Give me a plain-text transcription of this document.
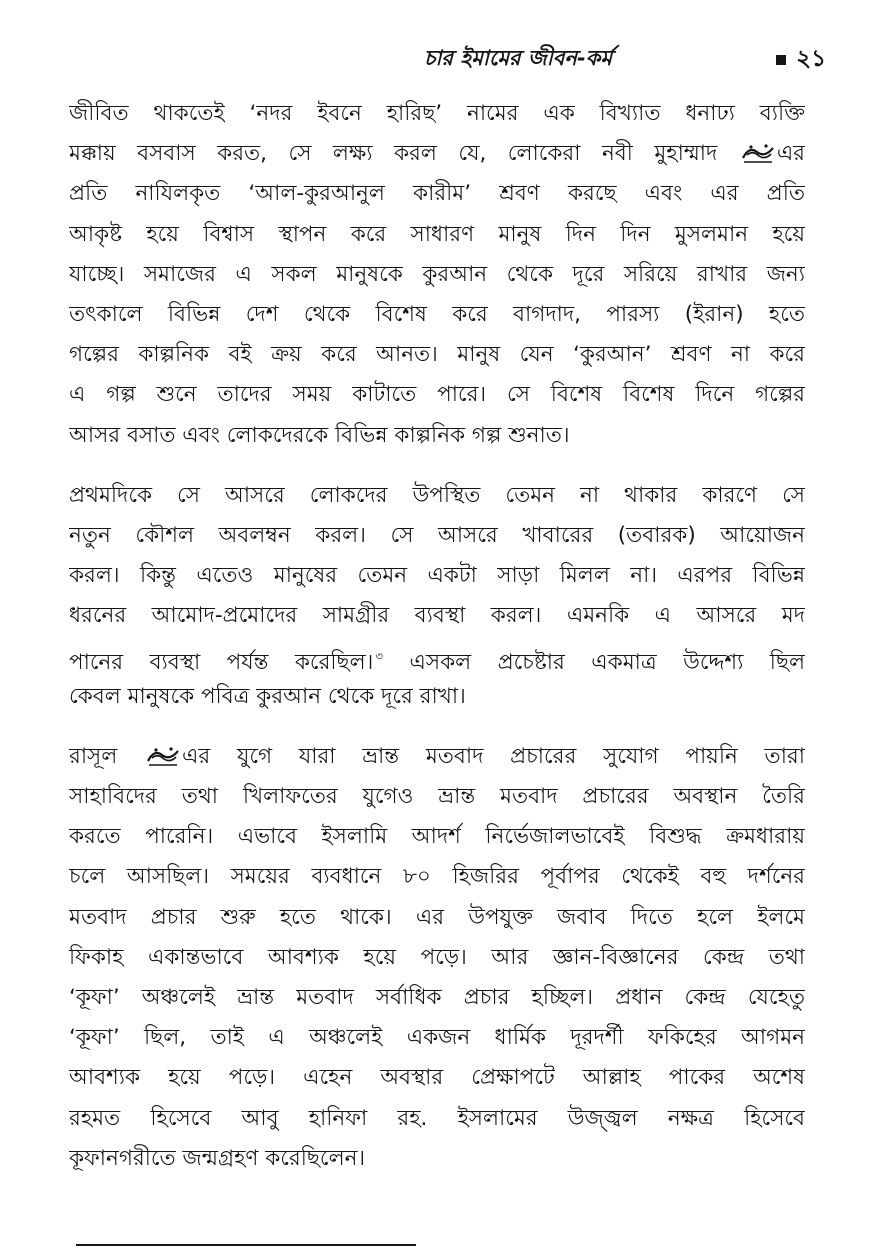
চার ইমামের জীবন-কর্ম	২১
জীবিত থাকতেই ‘নদর ইবনে হারিছ’ নামের এক বিখ্যাত ধনাঢ্য ব্যক্তি
মক্কায় বসবাস করত, সে লক্ষ্য করল যে, লোকেরা নবী মুহাম্মাদ	এর
প্রতি নাযিলকৃত ‘আল-কুরআনুল কারীম’ শ্রবণ করছে এবং এর প্রতি
আকৃষ্ট হয়ে বিশ্বাস স্থাপন করে সাধারণ মানুষ দিন দিন মুসলমান হয়ে
যাচ্ছে। সমাজের এ সকল মানুষকে কুরআন থেকে দূরে সরিয়ে রাখার জন্য
তৎকালে বিভিন্ন দেশ থেকে বিশেষ করে বাগদাদ, পারস্য (ইরান) হতে
গল্পের কাল্পনিক বই ক্রয় করে আনত। মানুষ যেন ‘কুরআন’ শ্রবণ না করে
এ গল্প শুনে তাদের সময় কাটাতে পারে। সে বিশেষ বিশেষ দিনে গল্পের
আসর বসাত এবং লোকদেরকে বিভিন্ন কাল্পনিক গল্প শুনাত।
প্রথমদিকে সে আসরে লোকদের উপস্থিত তেমন না থাকার কারণে সে
নতুন কৌশল অবলম্বন করল। সে আসরে খাবারের (তবারক) আয়োজন
করল। কিন্তু এতেও মানুষের তেমন একটা সাড়া মিলল না। এরপর বিভিন্ন
ধরনের আমোদ-প্রমোদের সামগ্রীর ব্যবস্থা করল। এমনকি এ আসরে মদ
পানের ব্যবস্থা পর্যন্ত করেছিল। $^৩$ এসকল প্রচেষ্টার একমাত্র উদ্দেশ্য ছিল
কেবল মানুষকে পবিত্র কুরআন থেকে দূরে রাখা।
রাসূল	এর যুগে যারা ভ্রান্ত মতবাদ প্রচারের সুযোগ পায়নি তারা
সাহাবিদের তথা খিলাফতের যুগেও ভ্রান্ত মতবাদ প্রচারের অবস্থান তৈরি
করতে পারেনি। এভাবে ইসলামি আদর্শ নির্ভেজালভাবেই বিশুদ্ধ ক্রমধারায়
চলে আসছিল। সময়ের ব্যবধানে ৮০ হিজরির পূর্বাপর থেকেই বহু দর্শনের
মতবাদ প্রচার শুরু হতে থাকে। এর উপযুক্ত জবাব দিতে হলে ইলমে
ফিকাহ একান্তভাবে আবশ্যক হয়ে পড়ে। আর জ্ঞান-বিজ্ঞানের কেন্দ্র তথা
‘কূফা’ অঞ্চলেই ভ্রান্ত মতবাদ সর্বাধিক প্রচার হচ্ছিল। প্রধান কেন্দ্র যেহেতু
‘কূফা’ ছিল, তাই এ অঞ্চলেই একজন ধার্মিক দূরদর্শী ফকিহের আগমন
আবশ্যক হয়ে পড়ে। এহেন অবস্থার প্রেক্ষাপটে আল্লাহ পাকের অশেষ
রহমত হিসেবে আবু হানিফা রহ. ইসলামের উজ্জ্বল নক্ষত্র হিসেবে
কূফানগরীতে জন্মগ্রহণ করেছিলেন।
